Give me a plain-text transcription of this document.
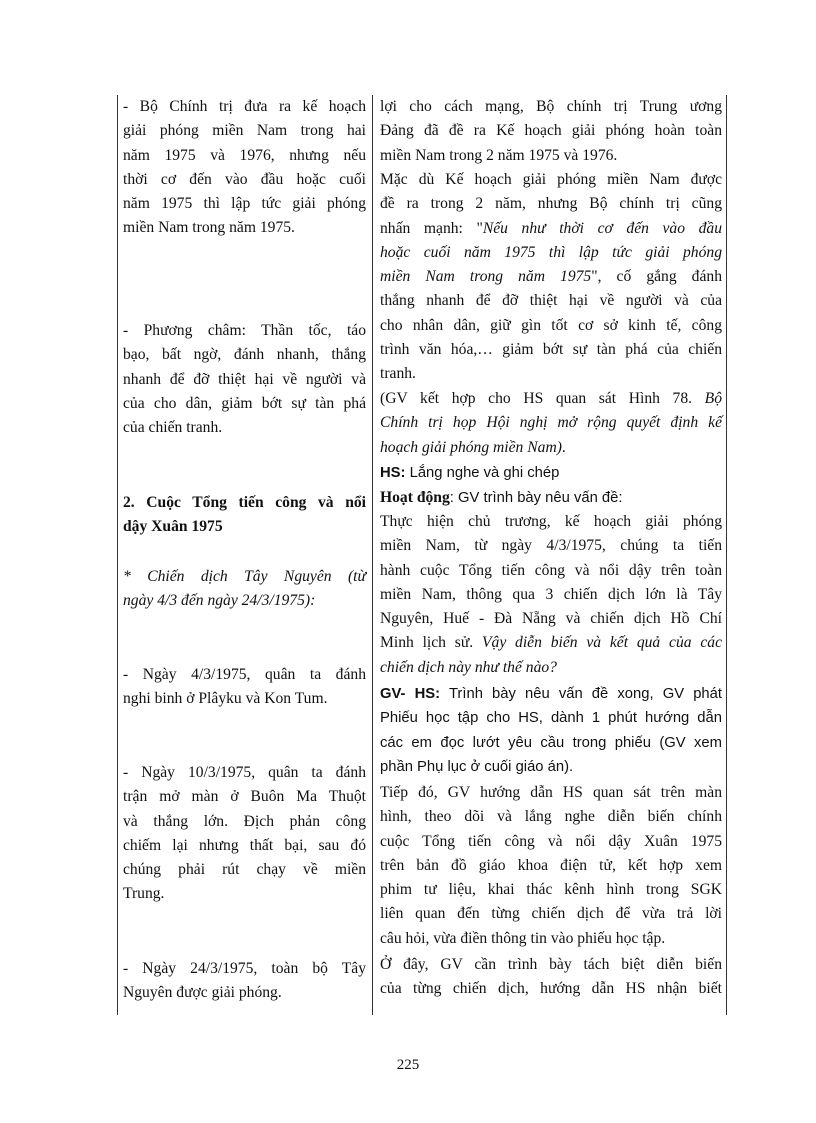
- Bộ Chính trị đưa ra kế hoạch
giải phóng miền Nam trong hai
năm 1975 và 1976, nhưng nếu
thời cơ đến vào đầu hoặc cuối
năm 1975 thì lập tức giải phóng
miền Nam trong năm 1975.
- Phương châm: Thần tốc, táo
bạo, bất ngờ, đánh nhanh, thắng
nhanh để đỡ thiệt hại về người và
của cho dân, giảm bớt sự tàn phá
của chiến tranh.
2. Cuộc Tổng tiến công và nổi
dậy Xuân 1975
* Chiến dịch Tây Nguyên (từ
ngày 4/3 đến ngày 24/3/1975):
- Ngày 4/3/1975, quân ta đánh
nghi binh ở Plâyku và Kon Tum.
- Ngày 10/3/1975, quân ta đánh
trận mở màn ở Buôn Ma Thuột
và thắng lớn. Địch phản công
chiếm lại nhưng thất bại, sau đó
chúng phải rút chạy về miền
Trung.
- Ngày 24/3/1975, toàn bộ Tây
Nguyên được giải phóng.
lợi cho cách mạng, Bộ chính trị Trung ương
Đảng đã đề ra Kế hoạch giải phóng hoàn toàn
miền Nam trong 2 năm 1975 và 1976.
Mặc dù Kế hoạch giải phóng miền Nam được
đề ra trong 2 năm, nhưng Bộ chính trị cũng
nhấn mạnh: "Nếu như thời cơ đến vào đầu
hoặc cuối năm 1975 thì lập tức giải phóng
miền Nam trong năm 1975", cố gắng đánh
thắng nhanh để đỡ thiệt hại về người và của
cho nhân dân, giữ gìn tốt cơ sở kinh tế, công
trình văn hóa,… giảm bớt sự tàn phá của chiến
tranh.
(GV kết hợp cho HS quan sát Hình 78. Bộ
Chính trị họp Hội nghị mở rộng quyết định kế
hoạch giải phóng miền Nam).
HS: Lắng nghe và ghi chép
Hoạt động: GV trình bày nêu vấn đề:
Thực hiện chủ trương, kế hoạch giải phóng
miền Nam, từ ngày 4/3/1975, chúng ta tiến
hành cuộc Tổng tiến công và nổi dậy trên toàn
miền Nam, thông qua 3 chiến dịch lớn là Tây
Nguyên, Huế - Đà Nẵng và chiến dịch Hồ Chí
Minh lịch sử. Vậy diễn biến và kết quả của các
chiến dịch này như thế nào?
GV- HS: Trình bày nêu vấn đề xong, GV phát
Phiếu học tập cho HS, dành 1 phút hướng dẫn
các em đọc lướt yêu cầu trong phiếu (GV xem
phần Phụ lục ở cuối giáo án).
Tiếp đó, GV hướng dẫn HS quan sát trên màn
hình, theo dõi và lắng nghe diễn biến chính
cuộc Tổng tiến công và nổi dậy Xuân 1975
trên bản đồ giáo khoa điện tử, kết hợp xem
phim tư liệu, khai thác kênh hình trong SGK
liên quan đến từng chiến dịch để vừa trả lời
câu hỏi, vừa điền thông tin vào phiếu học tập.
Ở đây, GV cần trình bày tách biệt diễn biến
của từng chiến dịch, hướng dẫn HS nhận biết
225
